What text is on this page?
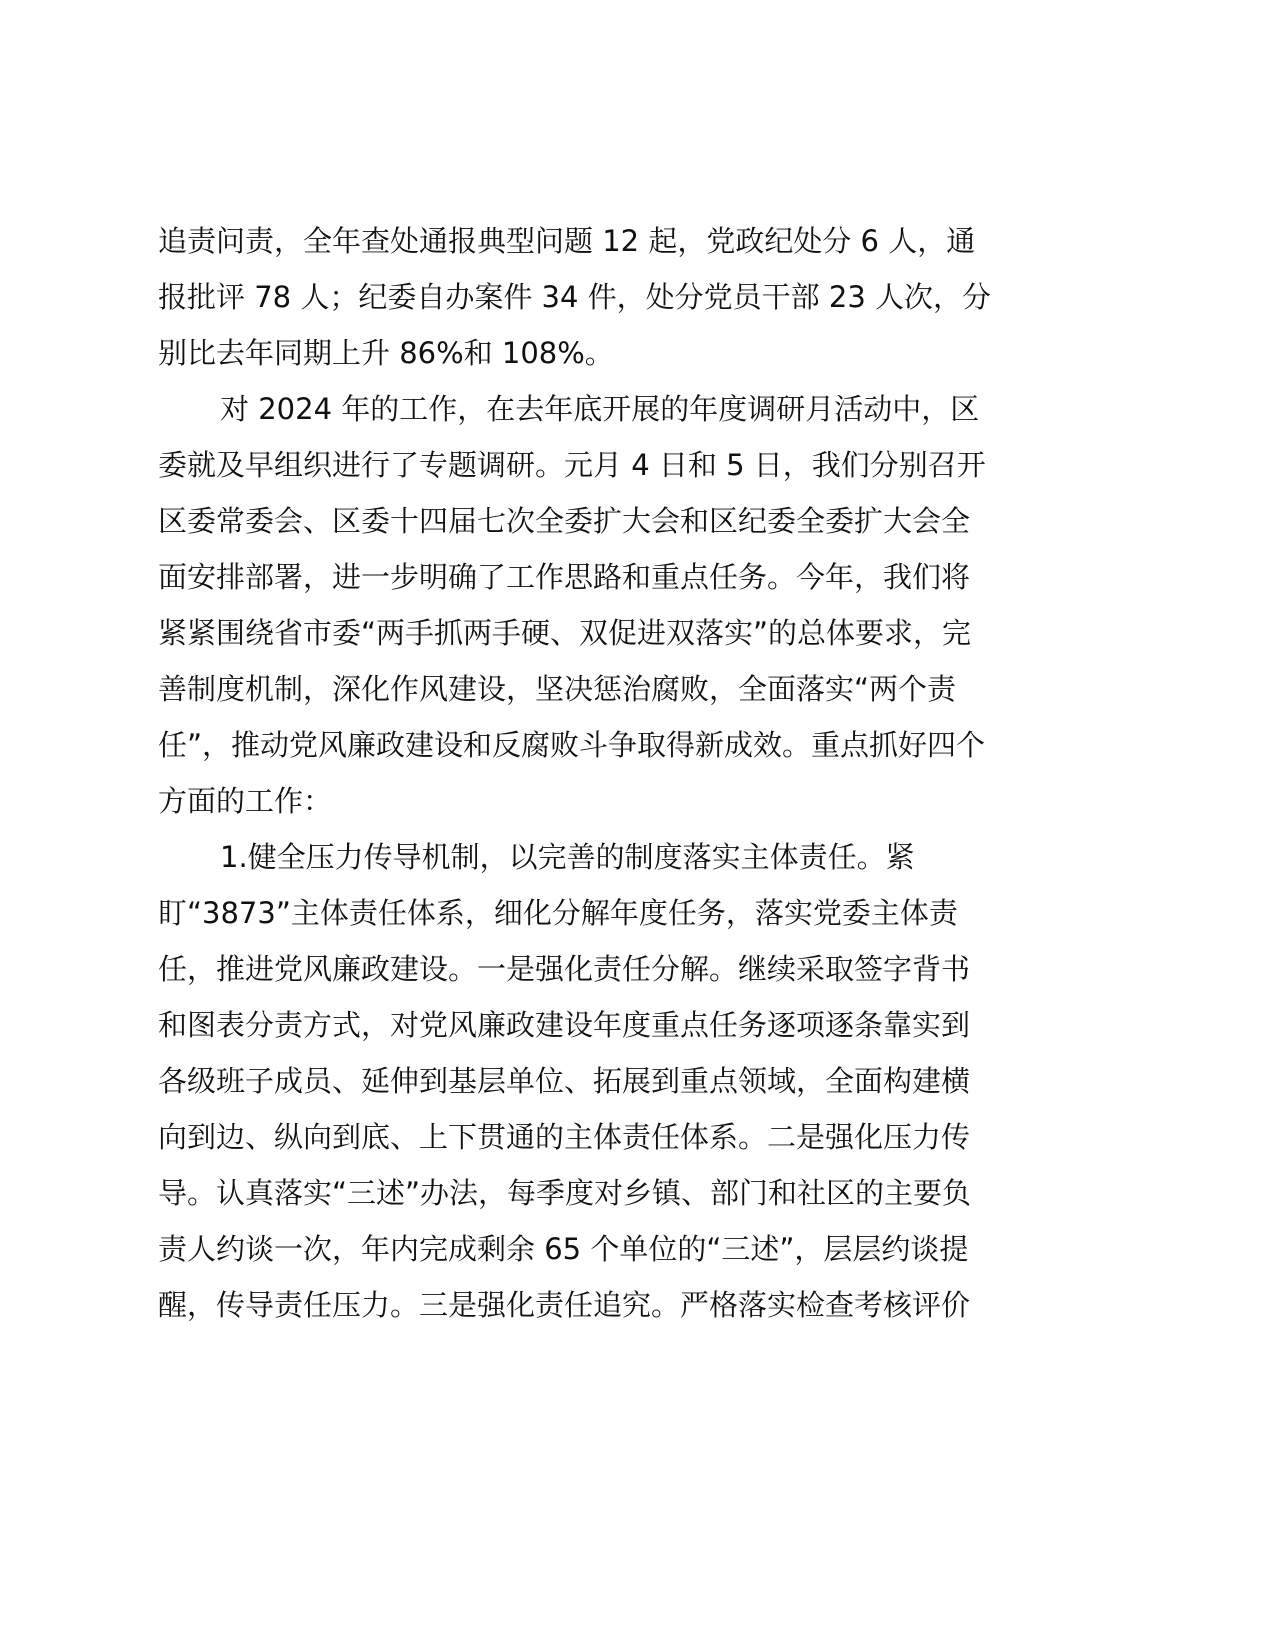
追责问责，全年查处通报典型问题 12 起，党政纪处分 6 人，通
报批评 78 人；纪委自办案件 34 件，处分党员干部 23 人次，分
别比去年同期上升 86%和 108%。
对 2024 年的工作，在去年底开展的年度调研月活动中，区
委就及早组织进行了专题调研。元月 4 日和 5 日，我们分别召开
区委常委会、区委十四届七次全委扩大会和区纪委全委扩大会全
面安排部署，进一步明确了工作思路和重点任务。今年，我们将
紧紧围绕省市委“两手抓两手硬、双促进双落实”的总体要求，完
善制度机制，深化作风建设，坚决惩治腐败，全面落实“两个责
任”，推动党风廉政建设和反腐败斗争取得新成效。重点抓好四个
方面的工作：
1.健全压力传导机制，以完善的制度落实主体责任。紧
盯“3873”主体责任体系，细化分解年度任务，落实党委主体责
任，推进党风廉政建设。一是强化责任分解。继续采取签字背书
和图表分责方式，对党风廉政建设年度重点任务逐项逐条靠实到
各级班子成员、延伸到基层单位、拓展到重点领域，全面构建横
向到边、纵向到底、上下贯通的主体责任体系。二是强化压力传
导。认真落实“三述”办法，每季度对乡镇、部门和社区的主要负
责人约谈一次，年内完成剩余 65 个单位的“三述”，层层约谈提
醒，传导责任压力。三是强化责任追究。严格落实检查考核评价
